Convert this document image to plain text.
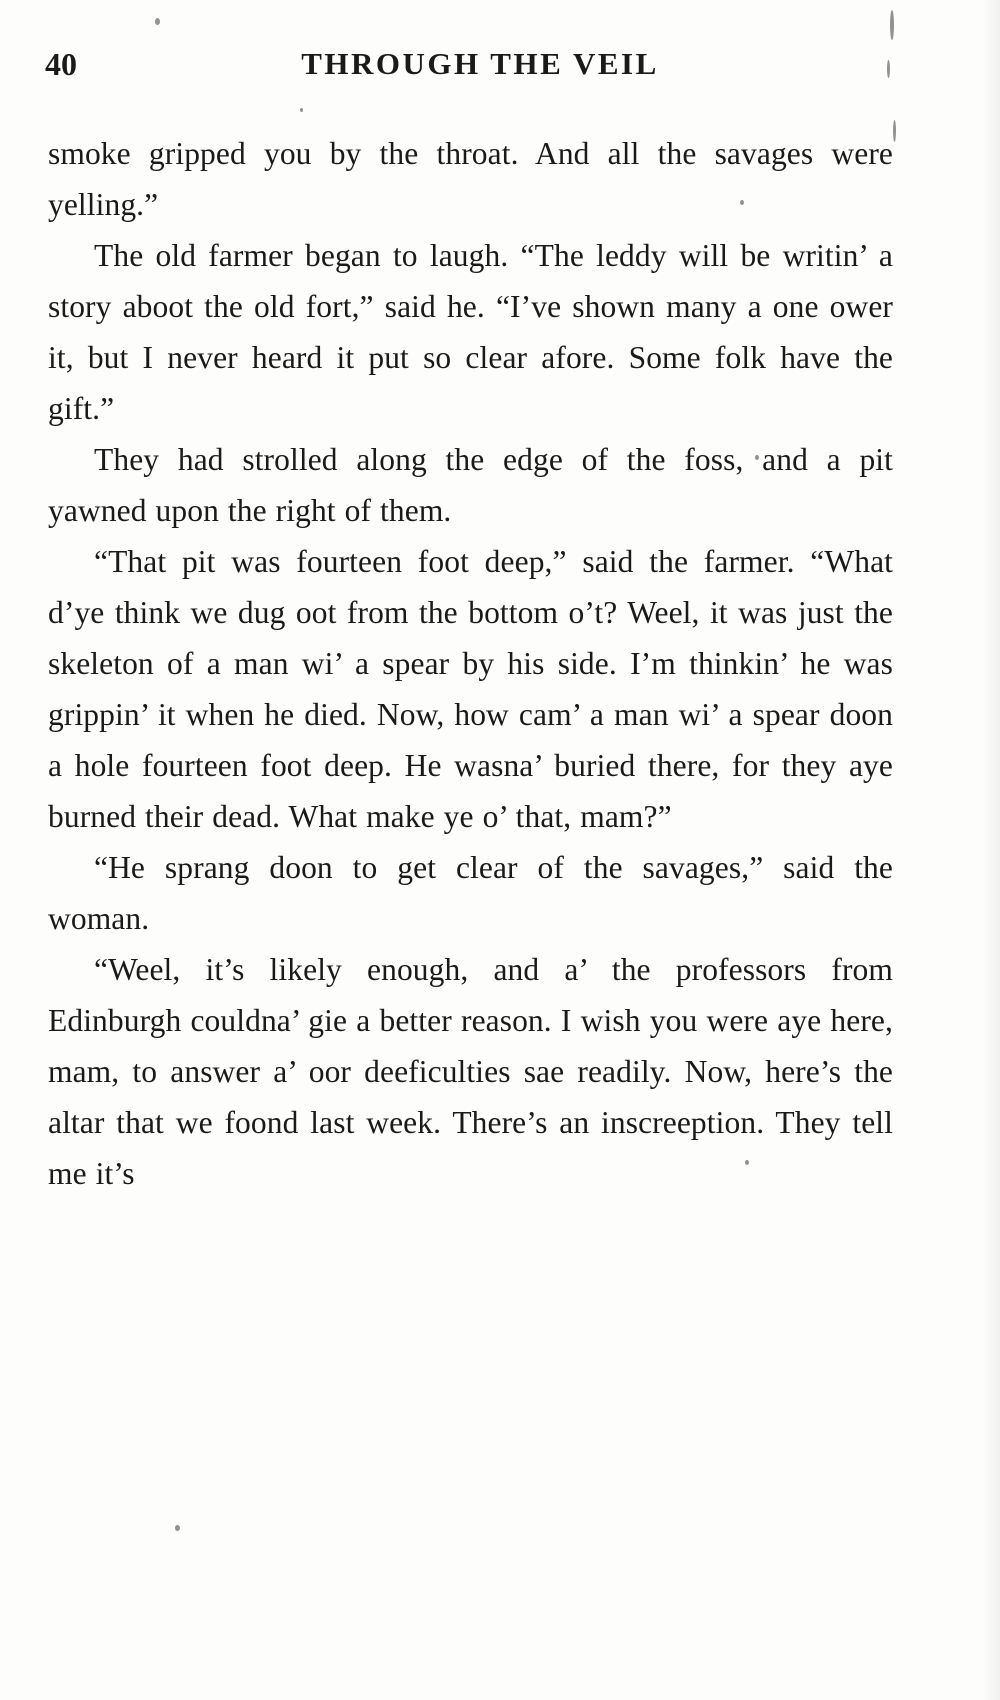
40	THROUGH THE VEIL

smoke gripped you by the throat. And all the savages were yelling.”

The old farmer began to laugh. “The leddy will be writin’ a story aboot the old fort,” said he. “I’ve shown many a one ower it, but I never heard it put so clear afore. Some folk have the gift.”

They had strolled along the edge of the foss, and a pit yawned upon the right of them.

“That pit was fourteen foot deep,” said the farmer. “What d’ye think we dug oot from the bottom o’t? Weel, it was just the skeleton of a man wi’ a spear by his side. I’m thinkin’ he was grippin’ it when he died. Now, how cam’ a man wi’ a spear doon a hole fourteen foot deep. He wasna’ buried there, for they aye burned their dead. What make ye o’ that, mam?”

“He sprang doon to get clear of the savages,” said the woman.

“Weel, it’s likely enough, and a’ the professors from Edinburgh couldna’ gie a better reason. I wish you were aye here, mam, to answer a’ oor deeficulties sae readily. Now, here’s the altar that we foond last week. There’s an inscreeption. They tell me it’s
